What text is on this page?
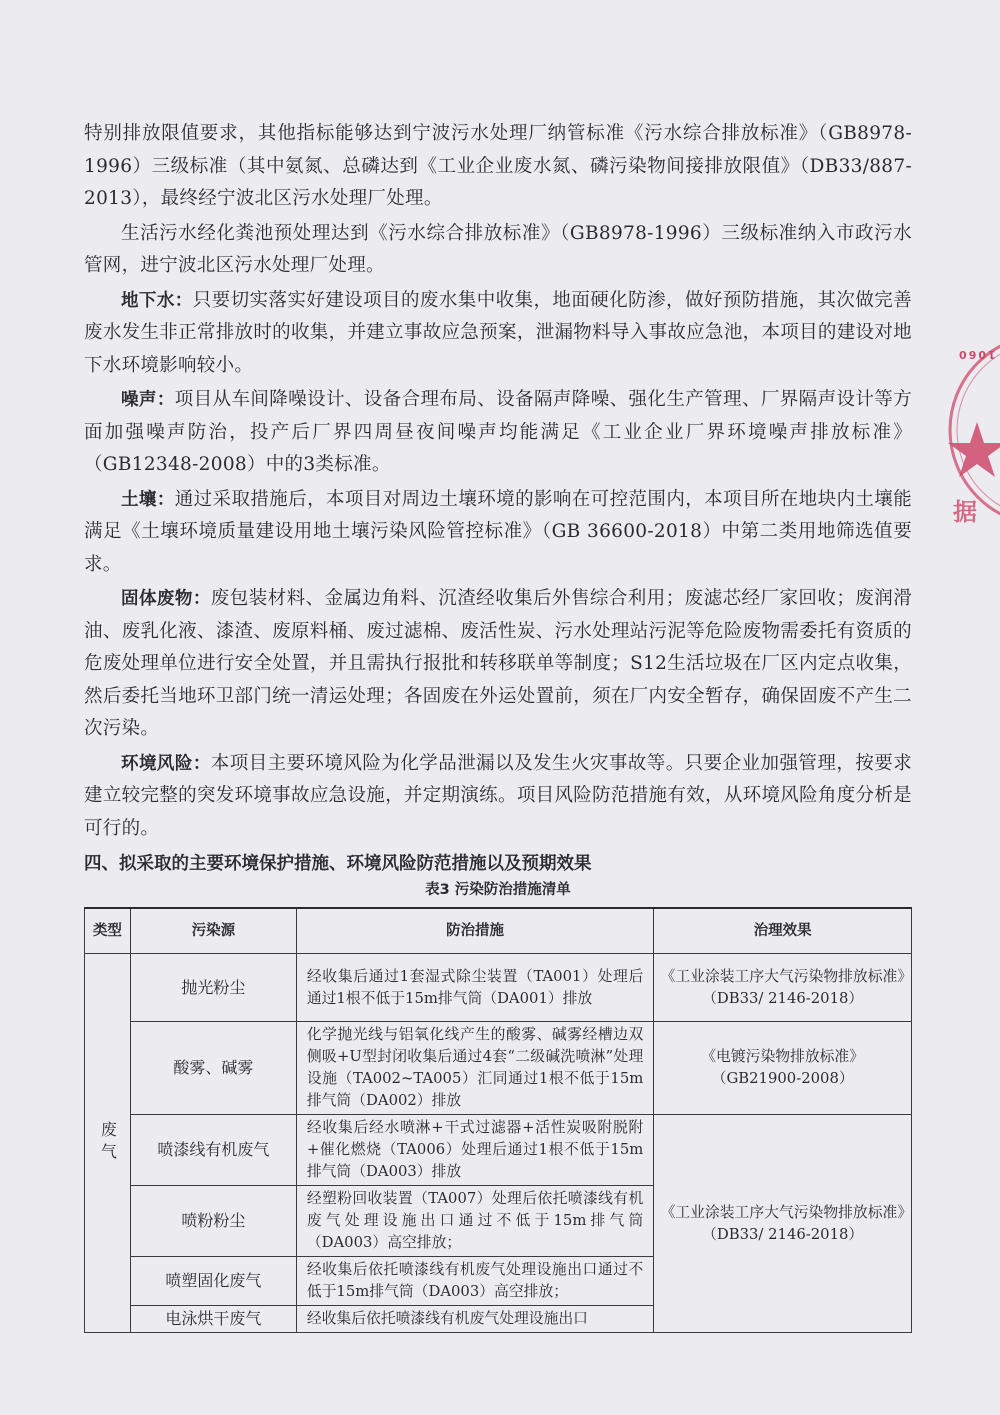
特别排放限值要求，其他指标能够达到宁波污水处理厂纳管标准《污水综合排放标准》（GB8978-1996）三级标准（其中氨氮、总磷达到《工业企业废水氮、磷污染物间接排放限值》（DB33/887-2013），最终经宁波北区污水处理厂处理。

生活污水经化粪池预处理达到《污水综合排放标准》（GB8978-1996）三级标准纳入市政污水管网，进宁波北区污水处理厂处理。

地下水：只要切实落实好建设项目的废水集中收集，地面硬化防渗，做好预防措施，其次做完善废水发生非正常排放时的收集，并建立事故应急预案，泄漏物料导入事故应急池，本项目的建设对地下水环境影响较小。

噪声：项目从车间降噪设计、设备合理布局、设备隔声降噪、强化生产管理、厂界隔声设计等方面加强噪声防治，投产后厂界四周昼夜间噪声均能满足《工业企业厂界环境噪声排放标准》（GB12348-2008）中的3类标准。

土壤：通过采取措施后，本项目对周边土壤环境的影响在可控范围内，本项目所在地块内土壤能满足《土壤环境质量建设用地土壤污染风险管控标准》（GB 36600-2018）中第二类用地筛选值要求。

固体废物：废包装材料、金属边角料、沉渣经收集后外售综合利用；废滤芯经厂家回收；废润滑油、废乳化液、漆渣、废原料桶、废过滤棉、废活性炭、污水处理站污泥等危险废物需委托有资质的危废处理单位进行安全处置，并且需执行报批和转移联单等制度；S12生活垃圾在厂区内定点收集，然后委托当地环卫部门统一清运处理；各固废在外运处置前，须在厂内安全暂存，确保固废不产生二次污染。

环境风险：本项目主要环境风险为化学品泄漏以及发生火灾事故等。只要企业加强管理，按要求建立较完整的突发环境事故应急设施，并定期演练。项目风险防范措施有效，从环境风险角度分析是可行的。

四、拟采取的主要环境保护措施、环境风险防范措施以及预期效果
表3 污染防治措施清单
类型	污染源	防治措施	治理效果
废气	抛光粉尘	经收集后通过1套湿式除尘装置（TA001）处理后通过1根不低于15m排气筒（DA001）排放	《工业涂装工序大气污染物排放标准》（DB33/ 2146-2018）
	酸雾、碱雾	化学抛光线与铝氧化线产生的酸雾、碱雾经槽边双侧吸+U型封闭收集后通过4套“二级碱洗喷淋”处理设施（TA002~TA005）汇同通过1根不低于15m排气筒（DA002）排放	《电镀污染物排放标准》（GB21900-2008）
	喷漆线有机废气	经收集后经水喷淋+干式过滤器+活性炭吸附脱附+催化燃烧（TA006）处理后通过1根不低于15m排气筒（DA003）排放	《工业涂装工序大气污染物排放标准》（DB33/ 2146-2018）
	喷粉粉尘	经塑粉回收装置（TA007）处理后依托喷漆线有机废气处理设施出口通过不低于15m排气筒（DA003）高空排放；	
	喷塑固化废气	经收集后依托喷漆线有机废气处理设施出口通过不低于15m排气筒（DA003）高空排放；	
	电泳烘干废气	经收集后依托喷漆线有机废气处理设施出口	
1060
据
